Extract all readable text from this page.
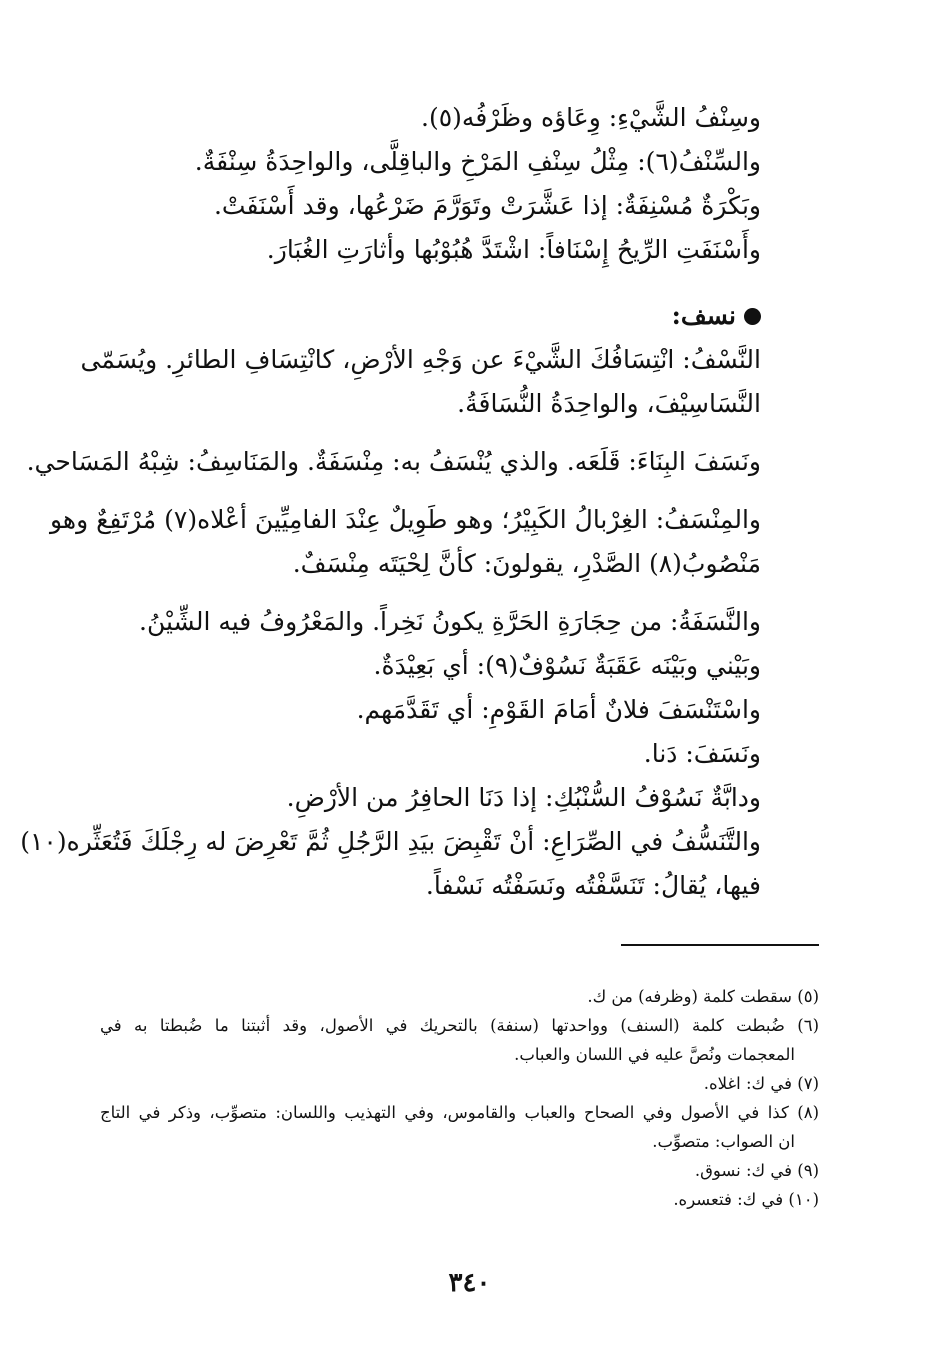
وسِنْفُ الشَّيْءِ: وِعَاؤه وظَرْفُه(٥).
والسِّنْفُ(٦): مِثْلُ سِنْفِ المَرْخِ والباقِلَّى، والواحِدَةُ سِنْفَةٌ.
وبَكْرَةٌ مُسْنِفَةٌ: إذا عَشَّرَتْ وتَوَرَّمَ ضَرْعُها، وقد أَسْنَفَتْ.
وأَسْنَفَتِ الرِّيحُ إِسْنَافاً: اشْتَدَّ هُبُوْبُها وأثارَتِ الغُبَارَ.
نسف:
النَّسْفُ: انْتِسَافُكَ الشَّيْءَ عن وَجْهِ الأرْضِ، كانْتِسَافِ الطائرِ. ويُسَمّى
النَّسَاسِيْفَ، والواحِدَةُ النُّسَافَةُ.
ونَسَفَ البِنَاءَ: قَلَعَه. والذي يُنْسَفُ به: مِنْسَفَةٌ. والمَنَاسِفُ: شِبْهُ المَسَاحي.
والمِنْسَفُ: الغِرْبالُ الكَبِيْرُ؛ وهو طَوِيلٌ عِنْدَ الفامِيِّينَ أعْلاه(٧) مُرْتَفِعٌ وهو
مَنْصُوبُ(٨) الصَّدْرِ، يقولونَ: كأنَّ لِحْيَتَه مِنْسَفٌ.
والنَّسَفَةُ: من حِجَارَةِ الحَرَّةِ يكونُ نَخِراً. والمَعْرُوفُ فيه الشِّيْنُ.
وبَيْني وبَيْنَه عَقَبَةٌ نَسُوْفٌ(٩): أي بَعِيْدَةٌ.
واسْتَنْسَفَ فلانٌ أمَامَ القَوْمِ: أي تَقَدَّمَهم.
ونَسَفَ: دَنا.
ودابَّةٌ نَسُوْفُ السُّنْبُكِ: إذا دَنَا الحافِرُ من الأرْضِ.
والتَّنَسُّفُ في الصِّرَاعِ: أنْ تَقْبِضَ بيَدِ الرَّجُلِ ثُمَّ تَعْرِضَ له رِجْلَكَ فَتُعَثِّره(١٠)
فيها، يُقالُ: تَنَسَّفْتُه ونَسَفْتُه نَسْفاً.
(٥) سقطت كلمة (وظرفه) من ك.
(٦) ضُبطت كلمة (السنف) وواحدتها (سنفة) بالتحريك في الأصول، وقد أثبتنا ما ضُبطتا به في
المعجمات ونُصَّ عليه في اللسان والعباب.
(٧) في ك: اغلاه.
(٨) كذا في الأصول وفي الصحاح والعباب والقاموس، وفي التهذيب واللسان: متصوِّب، وذكر في التاج
ان الصواب: متصوِّب.
(٩) في ك: نسوق.
(١٠) في ك: فتعسره.
٣٤٠
